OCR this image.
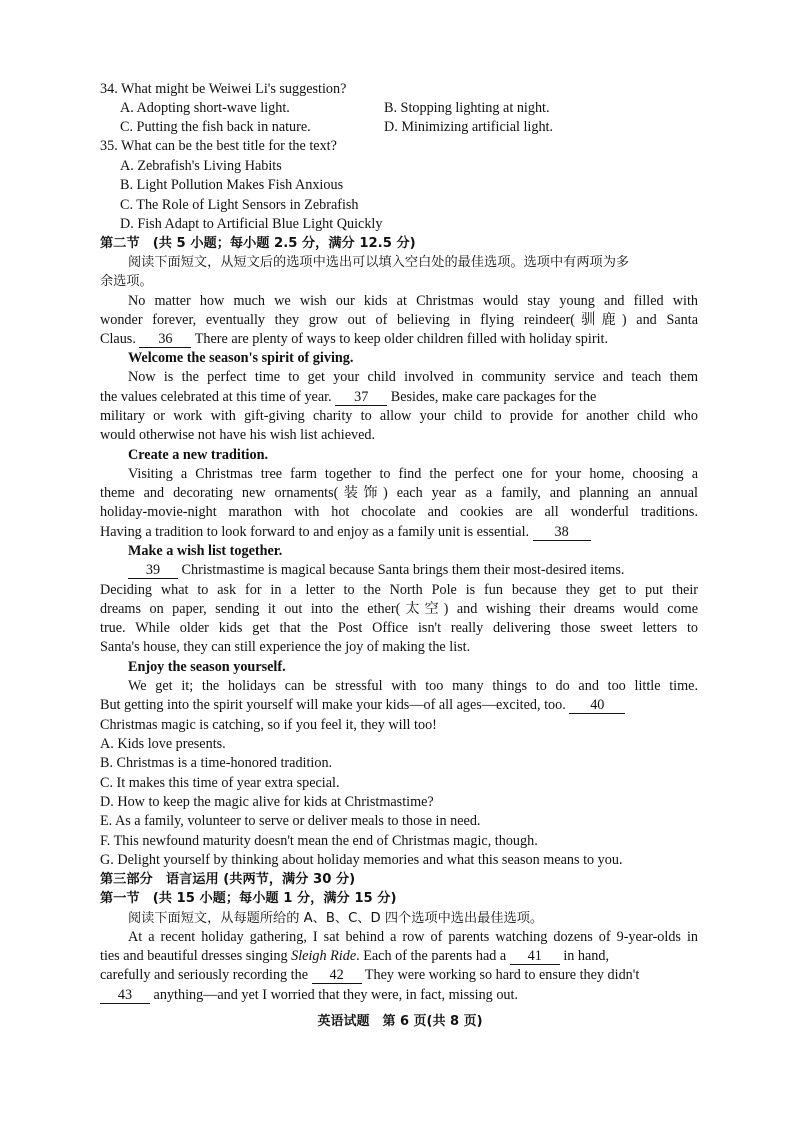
34. What might be Weiwei Li's suggestion?
A. Adopting short-wave light.	B. Stopping lighting at night.
C. Putting the fish back in nature.	D. Minimizing artificial light.
35. What can be the best title for the text?
A. Zebrafish's Living Habits
B. Light Pollution Makes Fish Anxious
C. The Role of Light Sensors in Zebrafish
D. Fish Adapt to Artificial Blue Light Quickly
第二节　(共 5 小题；每小题 2.5 分，满分 12.5 分)
阅读下面短文，从短文后的选项中选出可以填入空白处的最佳选项。选项中有两项为多
余选项。
No matter how much we wish our kids at Christmas would stay young and filled with
wonder forever, eventually they grow out of believing in flying reindeer(驯鹿) and Santa
Claus. 36 There are plenty of ways to keep older children filled with holiday spirit.
Welcome the season's spirit of giving.
Now is the perfect time to get your child involved in community service and teach them
the values celebrated at this time of year. 37 Besides, make care packages for the
military or work with gift-giving charity to allow your child to provide for another child who
would otherwise not have his wish list achieved.
Create a new tradition.
Visiting a Christmas tree farm together to find the perfect one for your home, choosing a
theme and decorating new ornaments(装饰) each year as a family, and planning an annual
holiday-movie-night marathon with hot chocolate and cookies are all wonderful traditions.
Having a tradition to look forward to and enjoy as a family unit is essential. 38
Make a wish list together.
39 Christmastime is magical because Santa brings them their most-desired items.
Deciding what to ask for in a letter to the North Pole is fun because they get to put their
dreams on paper, sending it out into the ether(太空) and wishing their dreams would come
true. While older kids get that the Post Office isn't really delivering those sweet letters to
Santa's house, they can still experience the joy of making the list.
Enjoy the season yourself.
We get it; the holidays can be stressful with too many things to do and too little time.
But getting into the spirit yourself will make your kids—of all ages—excited, too. 40
Christmas magic is catching, so if you feel it, they will too!
A. Kids love presents.
B. Christmas is a time-honored tradition.
C. It makes this time of year extra special.
D. How to keep the magic alive for kids at Christmastime?
E. As a family, volunteer to serve or deliver meals to those in need.
F. This newfound maturity doesn't mean the end of Christmas magic, though.
G. Delight yourself by thinking about holiday memories and what this season means to you.
第三部分　语言运用 (共两节，满分 30 分)
第一节　(共 15 小题；每小题 1 分，满分 15 分)
阅读下面短文，从每题所给的 A、B、C、D 四个选项中选出最佳选项。
At a recent holiday gathering, I sat behind a row of parents watching dozens of 9-year-olds in
ties and beautiful dresses singing Sleigh Ride. Each of the parents had a 41 in hand,
carefully and seriously recording the 42 They were working so hard to ensure they didn't
43 anything—and yet I worried that they were, in fact, missing out.
英语试题　第 6 页(共 8 页)
